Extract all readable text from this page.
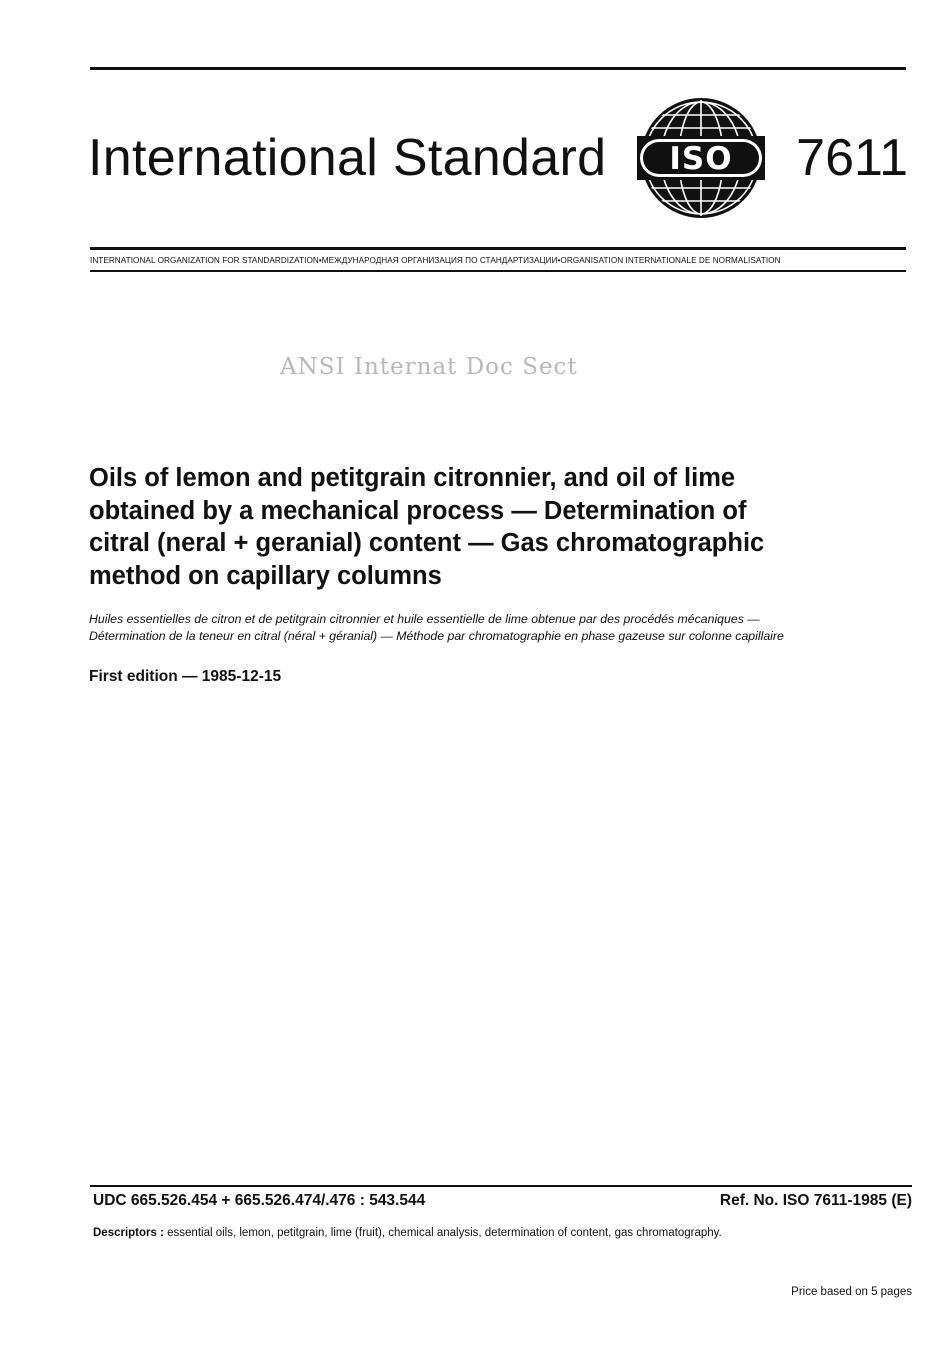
International Standard ISO 7611
INTERNATIONAL ORGANIZATION FOR STANDARDIZATION•МЕЖДУНАРОДНАЯ ОРГАНИЗАЦИЯ ПО СТАНДАРТИЗАЦИИ•ORGANISATION INTERNATIONALE DE NORMALISATION
ANSI Internat Doc Sect
Oils of lemon and petitgrain citronnier, and oil of lime
obtained by a mechanical process — Determination of
citral (neral + geranial) content — Gas chromatographic
method on capillary columns
Huiles essentielles de citron et de petitgrain citronnier et huile essentielle de lime obtenue par des procédés mécaniques —
Détermination de la teneur en citral (néral + géranial) — Méthode par chromatographie en phase gazeuse sur colonne capillaire
First edition — 1985-12-15
UDC 665.526.454 + 665.526.474/.476 : 543.544	Ref. No. ISO 7611-1985 (E)
Descriptors : essential oils, lemon, petitgrain, lime (fruit), chemical analysis, determination of content, gas chromatography.
Price based on 5 pages
